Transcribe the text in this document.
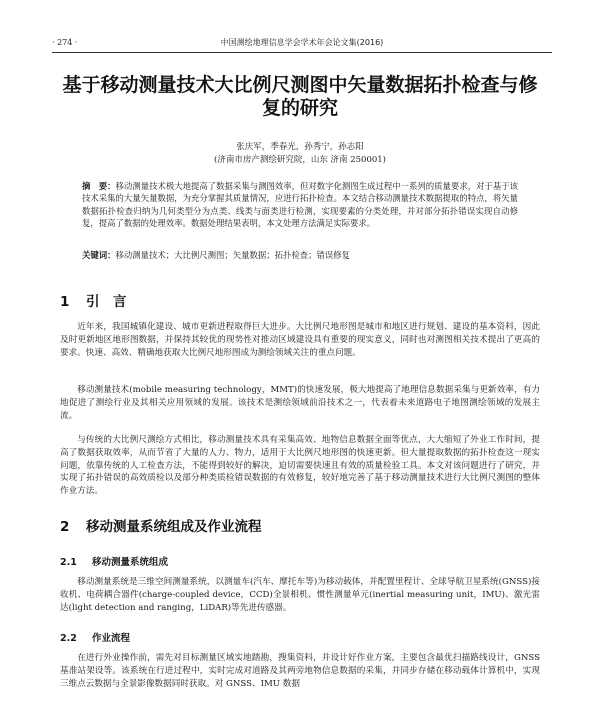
· 274 ·	中国测绘地理信息学会学术年会论文集(2016)
基于移动测量技术大比例尺测图中矢量数据拓扑检查与修复的研究
张庆军，季春光，孙秀宁，孙志阳
(济南市房产测绘研究院，山东 济南 250001)
摘　要：移动测量技术极大地提高了数据采集与测图效率，但对数字化测图生成过程中一系列的质量要求，对于基于该技术采集的大量矢量数据，为充分掌握其质量情况，应进行拓扑检查。本文结合移动测量技术数据提取的特点，将矢量数据拓扑检查归纳为几何类型分为点类、线类与面类进行检测，实现要素的分类处理，并对部分拓扑错误实现自动修复，提高了数据的处理效率。数据处理结果表明，本文处理方法满足实际要求。
关键词：移动测量技术；大比例尺测图；矢量数据；拓扑检查；错误修复
1 引　言
近年来，我国城镇化建设、城市更新进程取得巨大进步。大比例尺地形图是城市和地区进行规划、建设的基本资料，因此及时更新地区地形图数据，并保持其较优的现势性对推动区域建设具有重要的现实意义，同时也对测图相关技术提出了更高的要求。快速、高效、精确地获取大比例尺地形图成为测绘领域关注的重点问题。
移动测量技术(mobile measuring technology，MMT)的快速发展，极大地提高了地理信息数据采集与更新效率，有力地促进了测绘行业及其相关应用领域的发展。该技术是测绘领域前沿技术之一，代表着未来道路电子地图测绘领域的发展主流。
与传统的大比例尺测绘方式相比，移动测量技术具有采集高效、地物信息数据全面等优点，大大缩短了外业工作时间，提高了数据获取效率，从而节省了大量的人力、物力，适用于大比例尺地形图的快速更新。但大量提取数据的拓扑检查这一现实问题，依靠传统的人工检查方法，不能得到较好的解决，迫切需要快速且有效的质量检验工具。本文对该问题进行了研究，并实现了拓扑错误的高效质检以及部分种类质检错误数据的有效修复，较好地完善了基于移动测量技术进行大比例尺测图的整体作业方法。
2 移动测量系统组成及作业流程
2.1 移动测量系统组成
移动测量系统是三维空间测量系统，以测量车(汽车、摩托车等)为移动载体，并配置里程计、全球导航卫星系统(GNSS)接收机、电荷耦合器件(charge-coupled device，CCD)全景相机、惯性测量单元(inertial measuring unit，IMU)、激光雷达(light detection and ranging，LiDAR)等先进传感器。
2.2 作业流程
在进行外业操作前，需先对目标测量区域实地踏勘，搜集资料，并设计好作业方案，主要包含最优扫描路线设计，GNSS基准站架设等。该系统在行进过程中，实时完成对道路及其两旁地物信息数据的采集，并同步存储在移动载体计算机中，实现三维点云数据与全景影像数据同时获取。对 GNSS、IMU 数据
